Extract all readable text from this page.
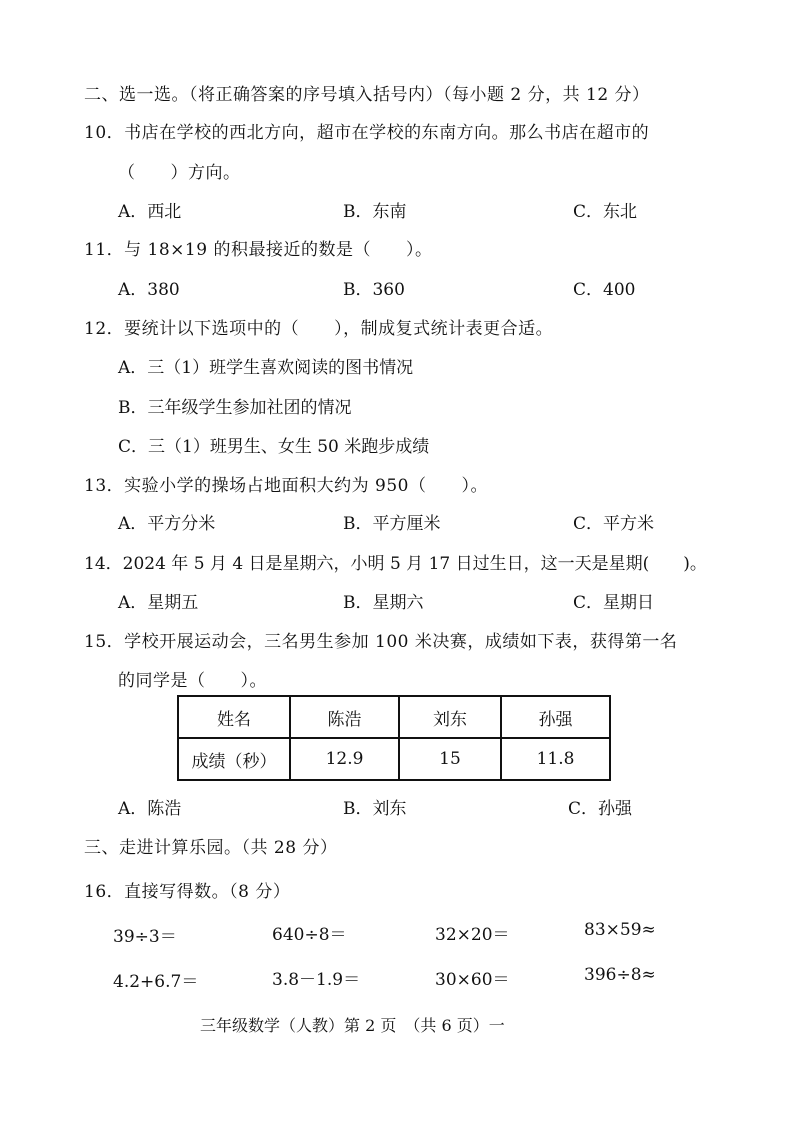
二、选一选。（将正确答案的序号填入括号内）（每小题 2 分，共 12 分）
10．书店在学校的西北方向，超市在学校的东南方向。那么书店在超市的
（　　）方向。
A．西北	B．东南	C．东北
11．与 18×19 的积最接近的数是（　　）。
A．380	B．360	C．400
12．要统计以下选项中的（　　），制成复式统计表更合适。
A．三（1）班学生喜欢阅读的图书情况
B．三年级学生参加社团的情况
C．三（1）班男生、女生 50 米跑步成绩
13．实验小学的操场占地面积大约为 950（　　）。
A．平方分米	B．平方厘米	C．平方米
14．2024 年 5 月 4 日是星期六，小明 5 月 17 日过生日，这一天是星期(　　)。
A．星期五	B．星期六	C．星期日
15．学校开展运动会，三名男生参加 100 米决赛，成绩如下表，获得第一名
的同学是（　　）。
姓名	陈浩	刘东	孙强
成绩（秒）	12.9	15	11.8
A．陈浩	B．刘东	C．孙强
三、走进计算乐园。（共 28 分）
16．直接写得数。（8 分）
39÷3＝	640÷8＝	32×20＝	83×59≈
4.2+6.7＝	3.8－1.9＝	30×60＝	396÷8≈
三年级数学（人教）第 2 页　（共 6 页）一
